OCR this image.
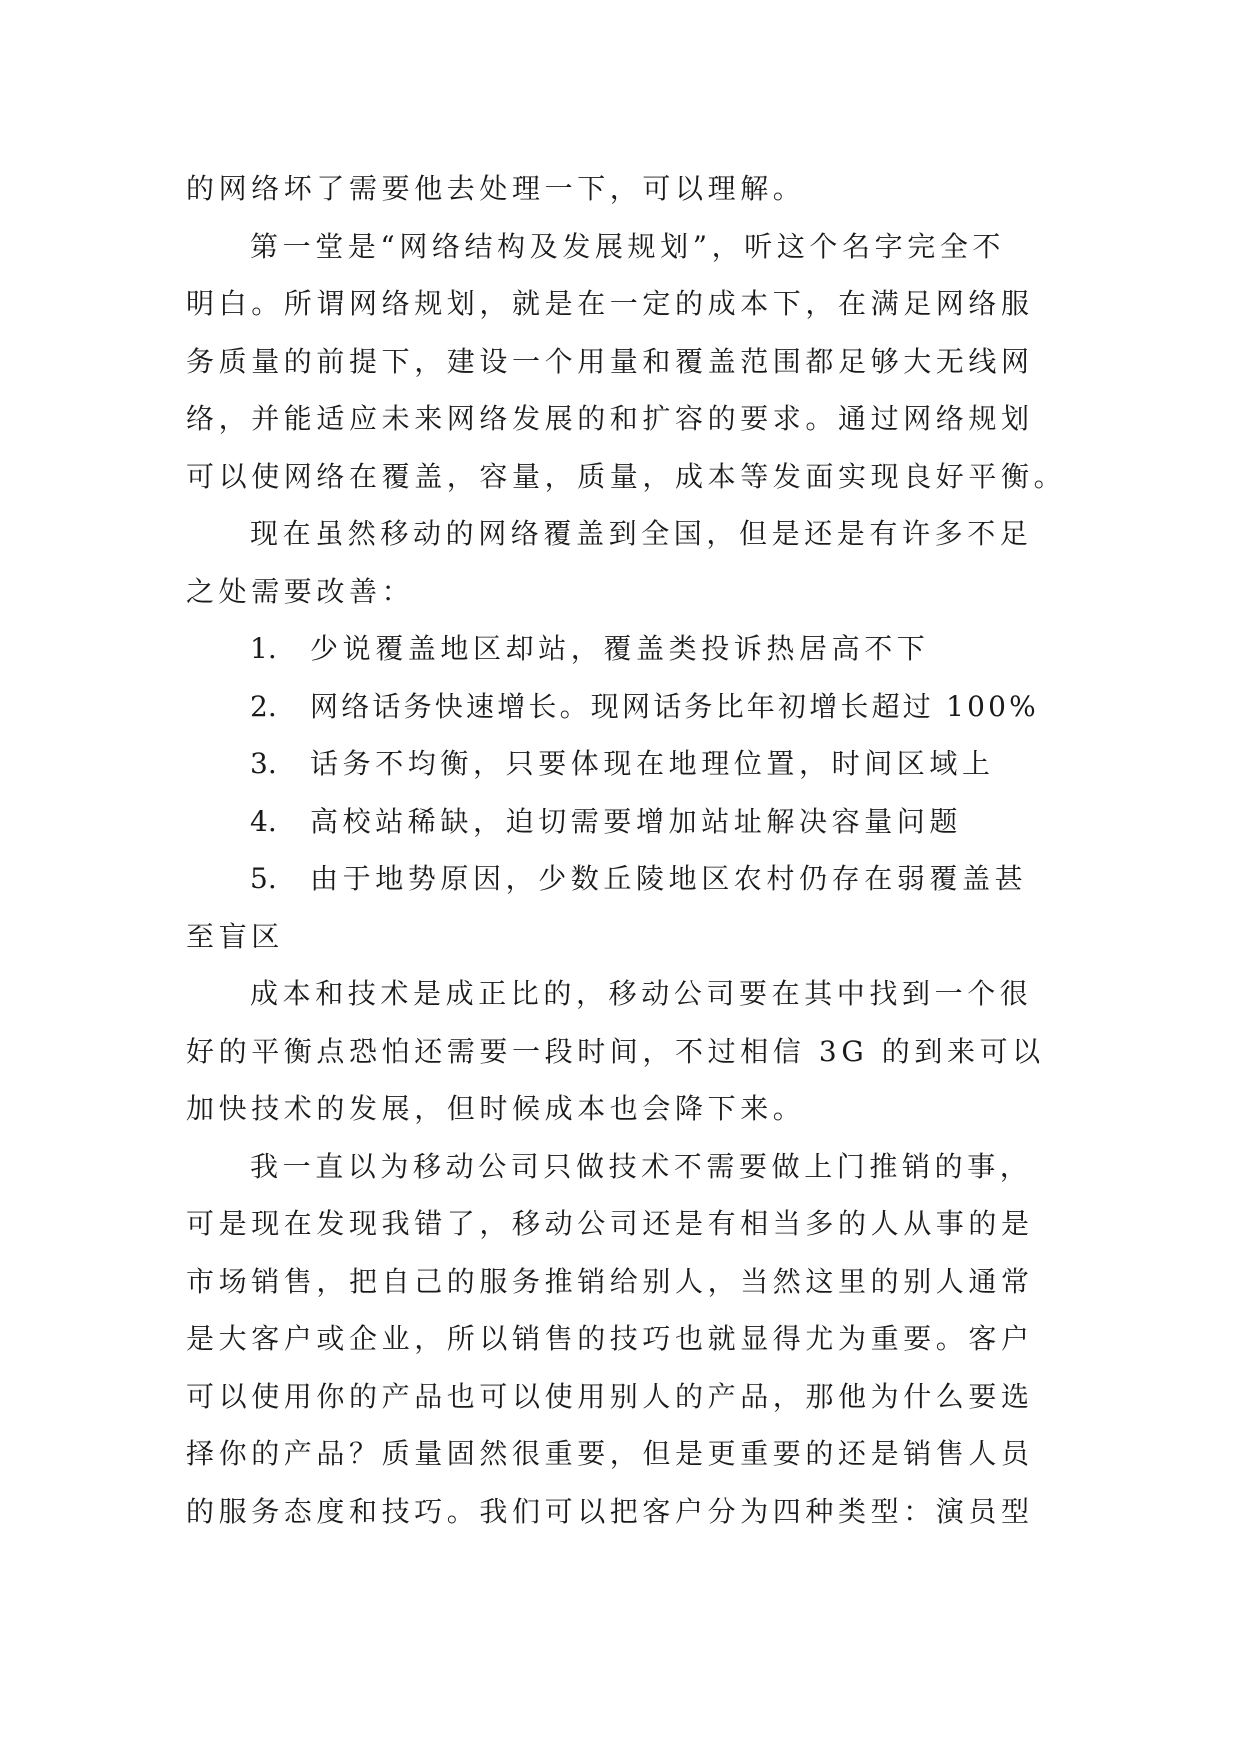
的网络坏了需要他去处理一下，可以理解。
第一堂是“网络结构及发展规划”，听这个名字完全不
明白。所谓网络规划，就是在一定的成本下，在满足网络服
务质量的前提下，建设一个用量和覆盖范围都足够大无线网
络，并能适应未来网络发展的和扩容的要求。通过网络规划
可以使网络在覆盖，容量，质量，成本等发面实现良好平衡。
现在虽然移动的网络覆盖到全国，但是还是有许多不足
之处需要改善：
1. 少说覆盖地区却站，覆盖类投诉热居高不下
2. 网络话务快速增长。现网话务比年初增长超过 100%
3. 话务不均衡，只要体现在地理位置，时间区域上
4. 高校站稀缺，迫切需要增加站址解决容量问题
5. 由于地势原因，少数丘陵地区农村仍存在弱覆盖甚
至盲区
成本和技术是成正比的，移动公司要在其中找到一个很
好的平衡点恐怕还需要一段时间，不过相信 3G 的到来可以
加快技术的发展，但时候成本也会降下来。
我一直以为移动公司只做技术不需要做上门推销的事，
可是现在发现我错了，移动公司还是有相当多的人从事的是
市场销售，把自己的服务推销给别人，当然这里的别人通常
是大客户或企业，所以销售的技巧也就显得尤为重要。客户
可以使用你的产品也可以使用别人的产品，那他为什么要选
择你的产品？质量固然很重要，但是更重要的还是销售人员
的服务态度和技巧。我们可以把客户分为四种类型：演员型
